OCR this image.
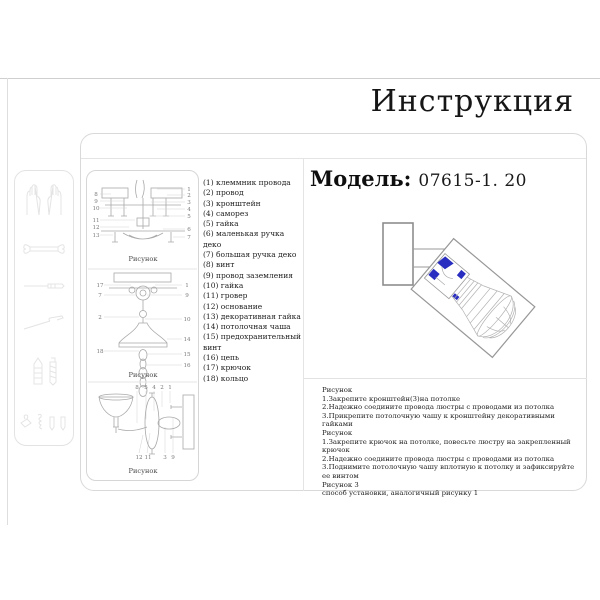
Инструкция
8
9
10
11
12
13
1
2
3
4
5
6
7
Рисунок
17
7
2
18
1
9
10
14
15
16
Рисунок
8 5 4 2 1
12 11 3 9
Рисунок
(1) клеммник провода
(2) провод
(3) кронштейн
(4) саморез
(5) гайка
(6) маленькая ручка деко
(7) большая ручка деко
(8) винт
(9) провод заземления
(10) гайка
(11) гровер
(12) основание
(13) декоративная гайка
(14) потолочная чаша
(15) предохранительный винт
(16) цепь
(17) крючок
(18) кольцо
Модель: 07615-1. 20
Рисунок
1.Закрепите кронштейн(3)на потолке
2.Надежно соедините провода люстры с проводами из потолка
3.Прикрепите потолочную чашу к кронштейну декоративными гайками
Рисунок
1.Закрепите крючок на потолке, повесьте люстру на закрепленный крючок
2.Надежно соедините провода люстры с проводами из потолка
3.Поднимите потолочную чашу вплотную к потолку и зафиксируйте ее винтом
Рисунок 3
способ установки, аналогичный рисунку 1
